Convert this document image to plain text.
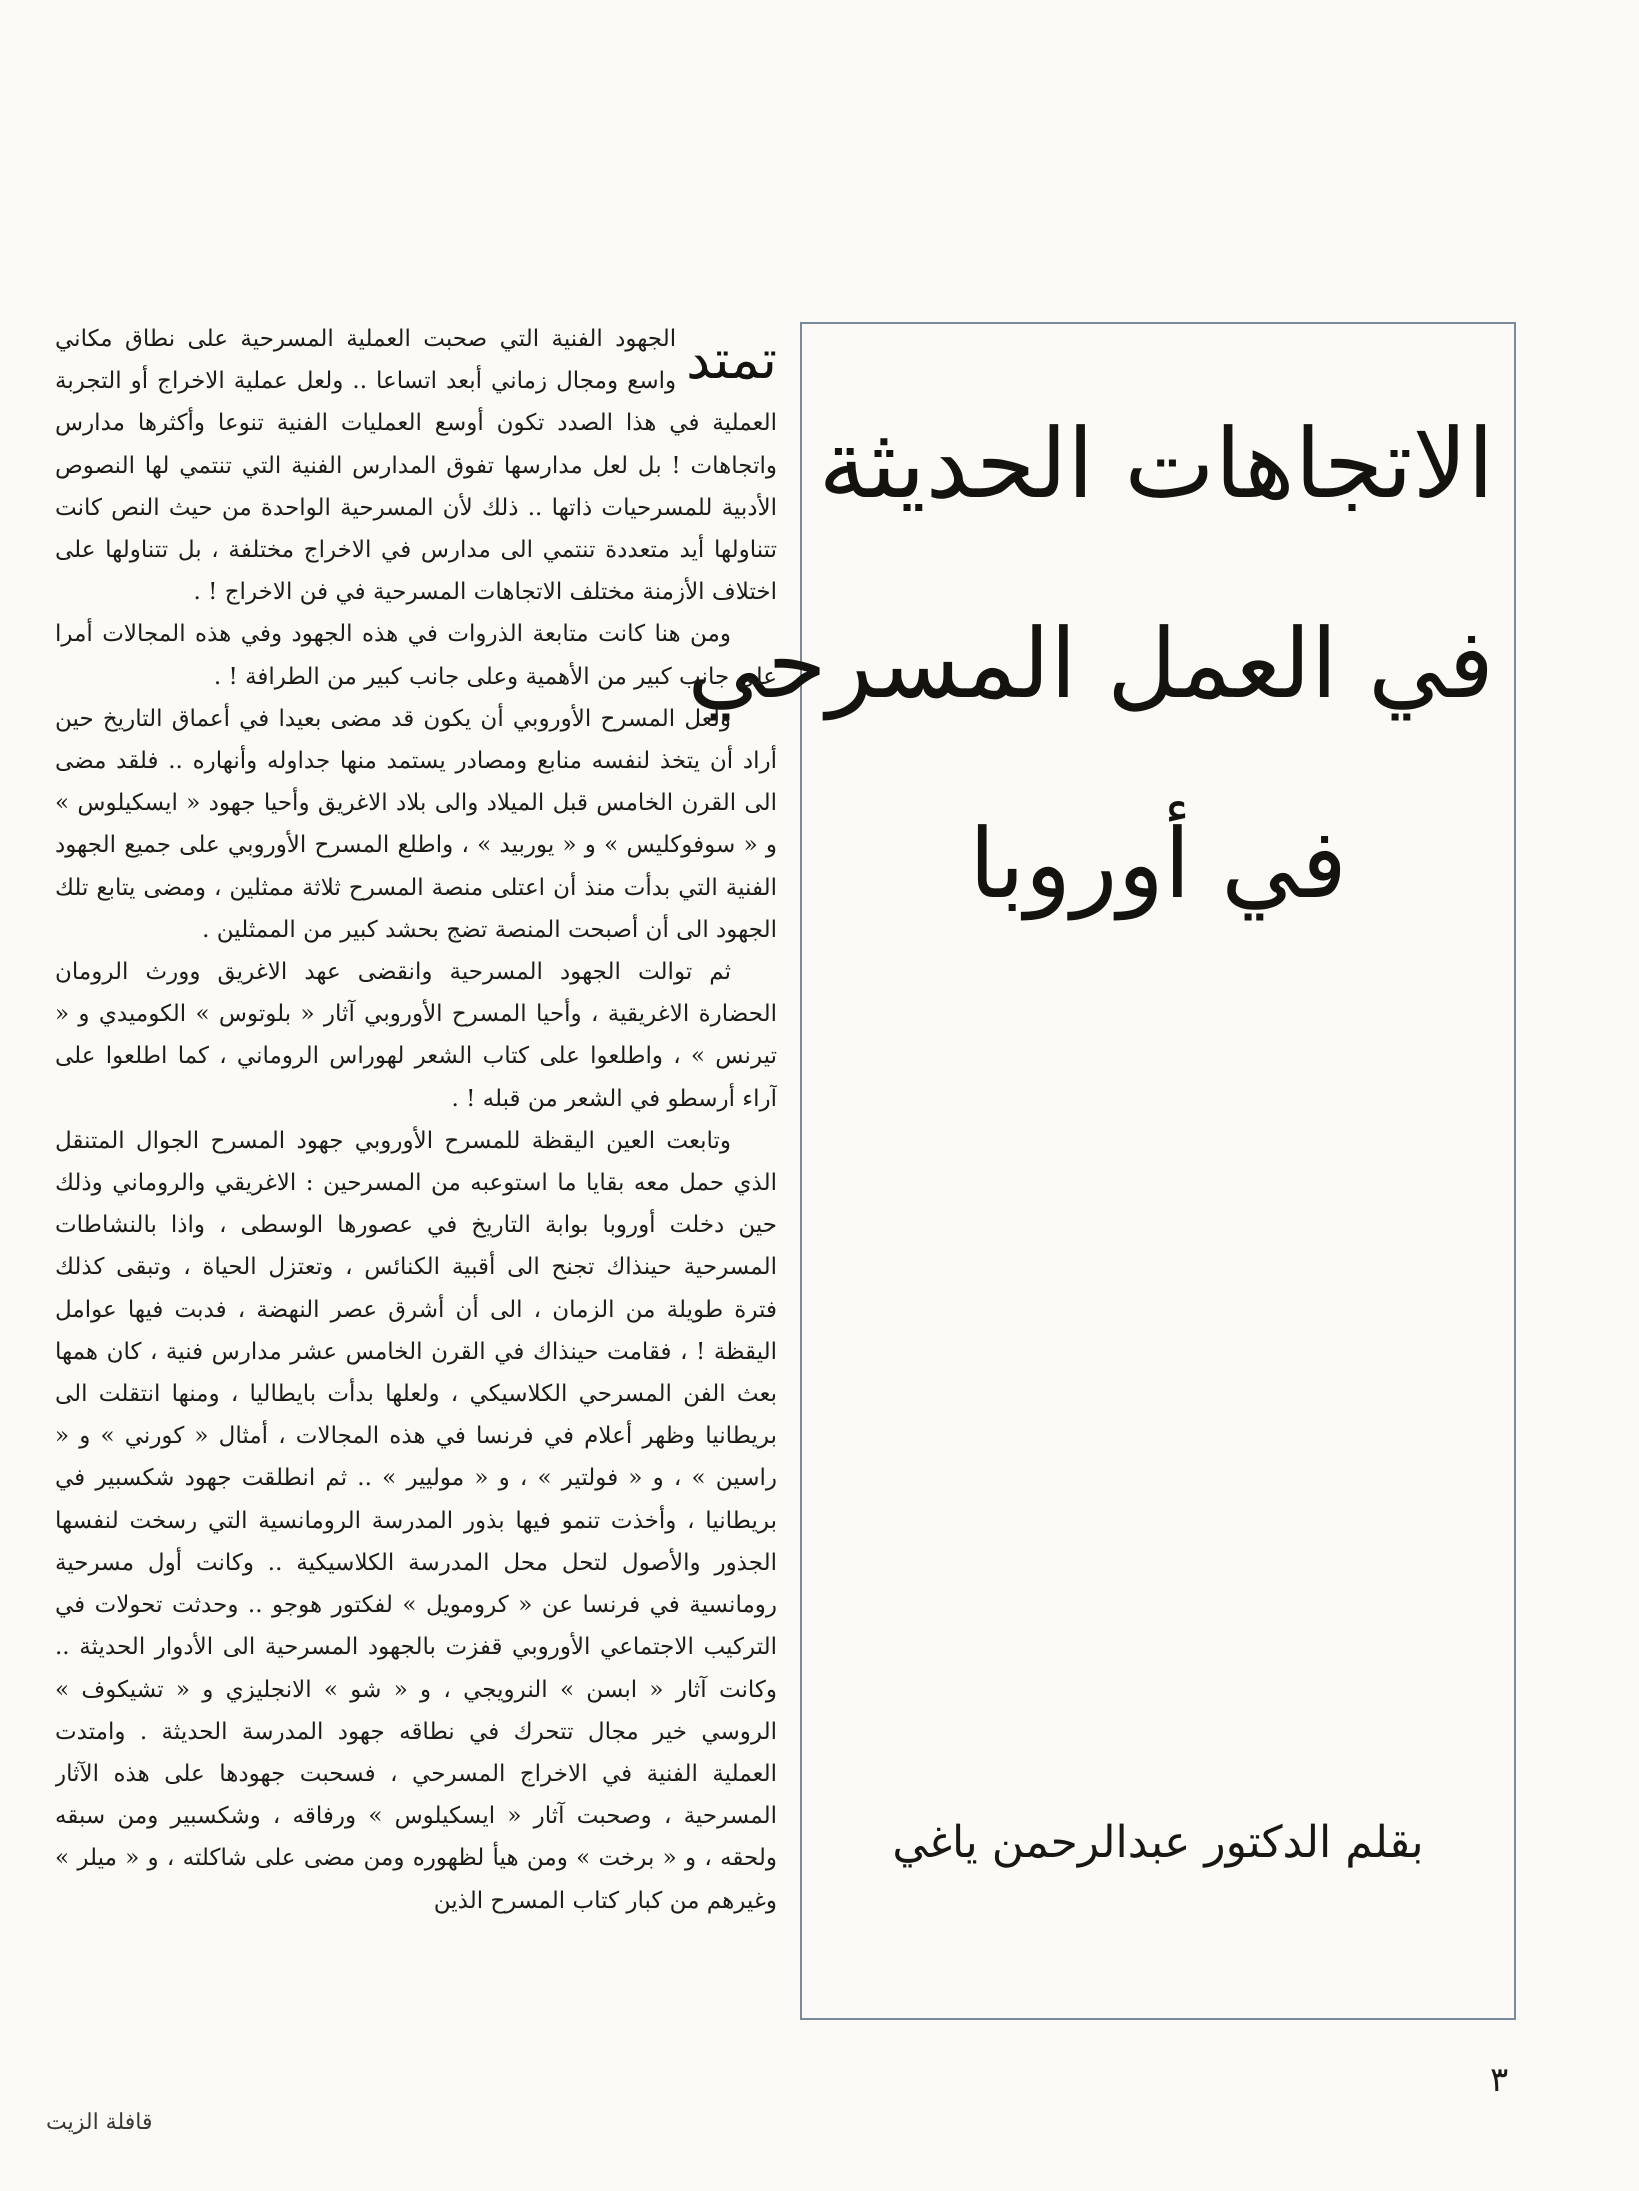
الاتجاهات الحديثة
في العمل المسرحي
في أوروبا
بقلم الدكتور عبدالرحمن ياغي

تمتد
الجهود الفنية التي صحبت العملية المسرحية على نطاق مكاني واسع ومجال زماني أبعد اتساعا .. ولعل عملية الاخراج أو التجربة العملية في هذا الصدد تكون أوسع العمليات الفنية تنوعا وأكثرها مدارس واتجاهات ! بل لعل مدارسها تفوق المدارس الفنية التي تنتمي لها النصوص الأدبية للمسرحيات ذاتها .. ذلك لأن المسرحية الواحدة من حيث النص كانت تتناولها أيد متعددة تنتمي الى مدارس في الاخراج مختلفة ، بل تتناولها على اختلاف الأزمنة مختلف الاتجاهات المسرحية في فن الاخراج ! .

ومن هنا كانت متابعة الذروات في هذه الجهود وفي هذه المجالات أمرا على جانب كبير من الأهمية وعلى جانب كبير من الطرافة ! .

ولعل المسرح الأوروبي أن يكون قد مضى بعيدا في أعماق التاريخ حين أراد أن يتخذ لنفسه منابع ومصادر يستمد منها جداوله وأنهاره .. فلقد مضى الى القرن الخامس قبل الميلاد والى بلاد الاغريق وأحيا جهود « ايسكيلوس » و « سوفوكليس » و « يوربيد » ، واطلع المسرح الأوروبي على جميع الجهود الفنية التي بدأت منذ أن اعتلى منصة المسرح ثلاثة ممثلين ، ومضى يتابع تلك الجهود الى أن أصبحت المنصة تضج بحشد كبير من الممثلين .

ثم توالت الجهود المسرحية وانقضى عهد الاغريق وورث الرومان الحضارة الاغريقية ، وأحيا المسرح الأوروبي آثار « بلوتوس » الكوميدي و « تيرنس » ، واطلعوا على كتاب الشعر لهوراس الروماني ، كما اطلعوا على آراء أرسطو في الشعر من قبله ! .

وتابعت العين اليقظة للمسرح الأوروبي جهود المسرح الجوال المتنقل الذي حمل معه بقايا ما استوعبه من المسرحين : الاغريقي والروماني وذلك حين دخلت أوروبا بوابة التاريخ في عصورها الوسطى ، واذا بالنشاطات المسرحية حينذاك تجنح الى أقبية الكنائس ، وتعتزل الحياة ، وتبقى كذلك فترة طويلة من الزمان ، الى أن أشرق عصر النهضة ، فدبت فيها عوامل اليقظة ! ، فقامت حينذاك في القرن الخامس عشر مدارس فنية ، كان همها بعث الفن المسرحي الكلاسيكي ، ولعلها بدأت بايطاليا ، ومنها انتقلت الى بريطانيا وظهر أعلام في فرنسا في هذه المجالات ، أمثال « كورني » و « راسين » ، و « فولتير » ، و « موليير » .. ثم انطلقت جهود شكسبير في بريطانيا ، وأخذت تنمو فيها بذور المدرسة الرومانسية التي رسخت لنفسها الجذور والأصول لتحل محل المدرسة الكلاسيكية .. وكانت أول مسرحية رومانسية في فرنسا عن « كرومويل » لفكتور هوجو .. وحدثت تحولات في التركيب الاجتماعي الأوروبي قفزت بالجهود المسرحية الى الأدوار الحديثة .. وكانت آثار « ابسن » النرويجي ، و « شو » الانجليزي و « تشيكوف » الروسي خير مجال تتحرك في نطاقه جهود المدرسة الحديثة . وامتدت العملية الفنية في الاخراج المسرحي ، فسحبت جهودها على هذه الآثار المسرحية ، وصحبت آثار « ايسكيلوس » ورفاقه ، وشكسبير ومن سبقه ولحقه ، و « برخت » ومن هيأ لظهوره ومن مضى على شاكلته ، و « ميلر » وغيرهم من كبار كتاب المسرح الذين

٣
قافلة الزيت
